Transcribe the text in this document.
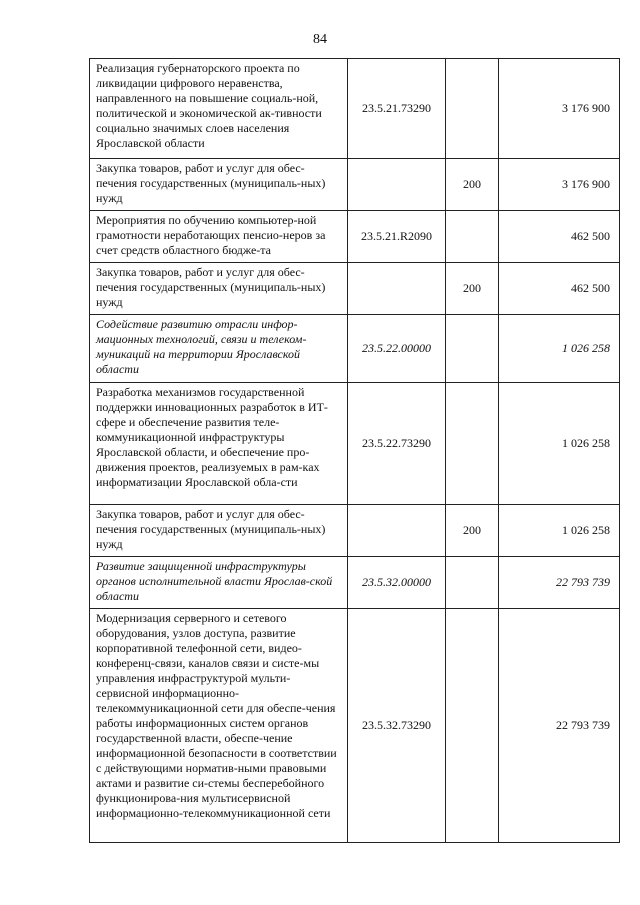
84
Реализация губернаторского проекта по ликвидации цифрового неравенства, направленного на повышение социаль-ной, политической и экономической ак-тивности социально значимых слоев населения Ярославской области	23.5.21.73290		3 176 900
Закупка товаров, работ и услуг для обес-печения государственных (муниципаль-ных) нужд		200	3 176 900
Мероприятия по обучению компьютер-ной грамотности неработающих пенсио-неров за счет средств областного бюдже-та	23.5.21.R2090		462 500
Закупка товаров, работ и услуг для обес-печения государственных (муниципаль-ных) нужд		200	462 500
Содействие развитию отрасли инфор-мационных технологий, связи и телеком-муникаций на территории Ярославской области	23.5.22.00000		1 026 258
Разработка механизмов государственной поддержки инновационных разработок в ИТ-сфере и обеспечение развития теле-коммуникационной инфраструктуры Ярославской области, и обеспечение про-движения проектов, реализуемых в рам-ках информатизации Ярославской обла-сти	23.5.22.73290		1 026 258
Закупка товаров, работ и услуг для обес-печения государственных (муниципаль-ных) нужд		200	1 026 258
Развитие защищенной инфраструктуры органов исполнительной власти Ярослав-ской области	23.5.32.00000		22 793 739
Модернизация серверного и сетевого оборудования, узлов доступа, развитие корпоративной телефонной сети, видео-конференц-связи, каналов связи и систе-мы управления инфраструктурой мульти-сервисной информационно-телекоммуникационной сети для обеспе-чения работы информационных систем органов государственной власти, обеспе-чение информационной безопасности в соответствии с действующими норматив-ными правовыми актами и развитие си-стемы бесперебойного функционирова-ния мультисервисной информационно-телекоммуникационной сети	23.5.32.73290		22 793 739
